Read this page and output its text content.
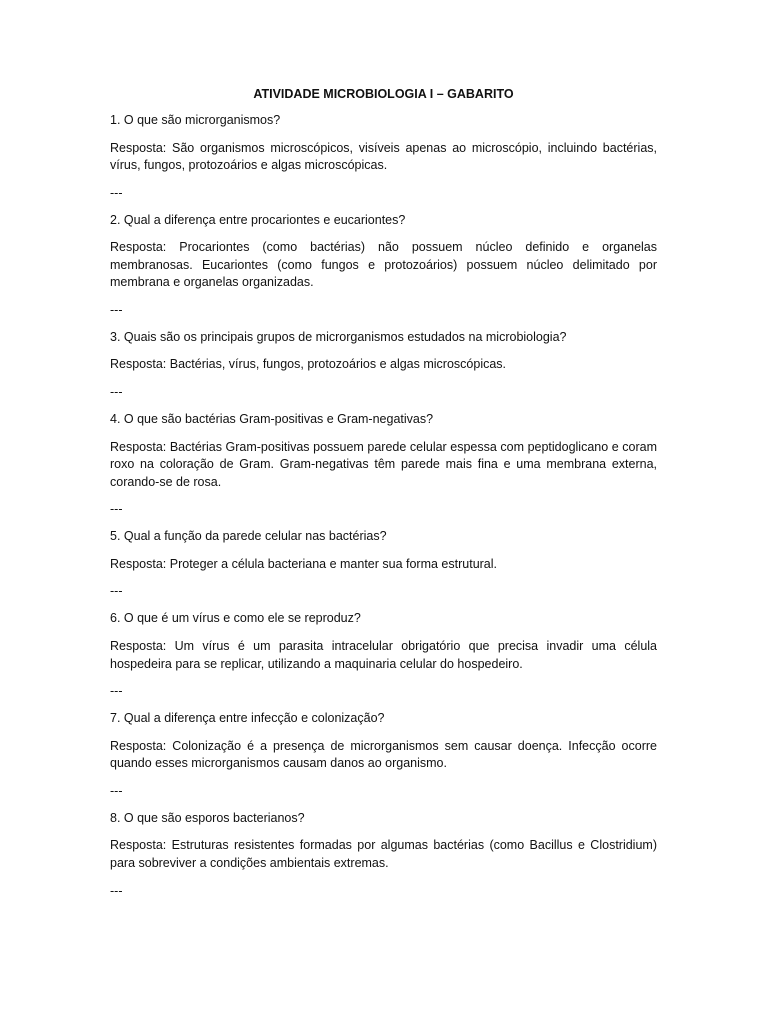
ATIVIDADE MICROBIOLOGIA I – GABARITO

1. O que são microrganismos?

Resposta: São organismos microscópicos, visíveis apenas ao microscópio, incluindo bactérias, vírus, fungos, protozoários e algas microscópicas.

---

2. Qual a diferença entre procariontes e eucariontes?

Resposta: Procariontes (como bactérias) não possuem núcleo definido e organelas membranosas. Eucariontes (como fungos e protozoários) possuem núcleo delimitado por membrana e organelas organizadas.

---

3. Quais são os principais grupos de microrganismos estudados na microbiologia?

Resposta: Bactérias, vírus, fungos, protozoários e algas microscópicas.

---

4. O que são bactérias Gram-positivas e Gram-negativas?

Resposta: Bactérias Gram-positivas possuem parede celular espessa com peptidoglicano e coram roxo na coloração de Gram. Gram-negativas têm parede mais fina e uma membrana externa, corando-se de rosa.

---

5. Qual a função da parede celular nas bactérias?

Resposta: Proteger a célula bacteriana e manter sua forma estrutural.

---

6. O que é um vírus e como ele se reproduz?

Resposta: Um vírus é um parasita intracelular obrigatório que precisa invadir uma célula hospedeira para se replicar, utilizando a maquinaria celular do hospedeiro.

---

7. Qual a diferença entre infecção e colonização?

Resposta: Colonização é a presença de microrganismos sem causar doença. Infecção ocorre quando esses microrganismos causam danos ao organismo.

---

8. O que são esporos bacterianos?

Resposta: Estruturas resistentes formadas por algumas bactérias (como Bacillus e Clostridium) para sobreviver a condições ambientais extremas.

---
